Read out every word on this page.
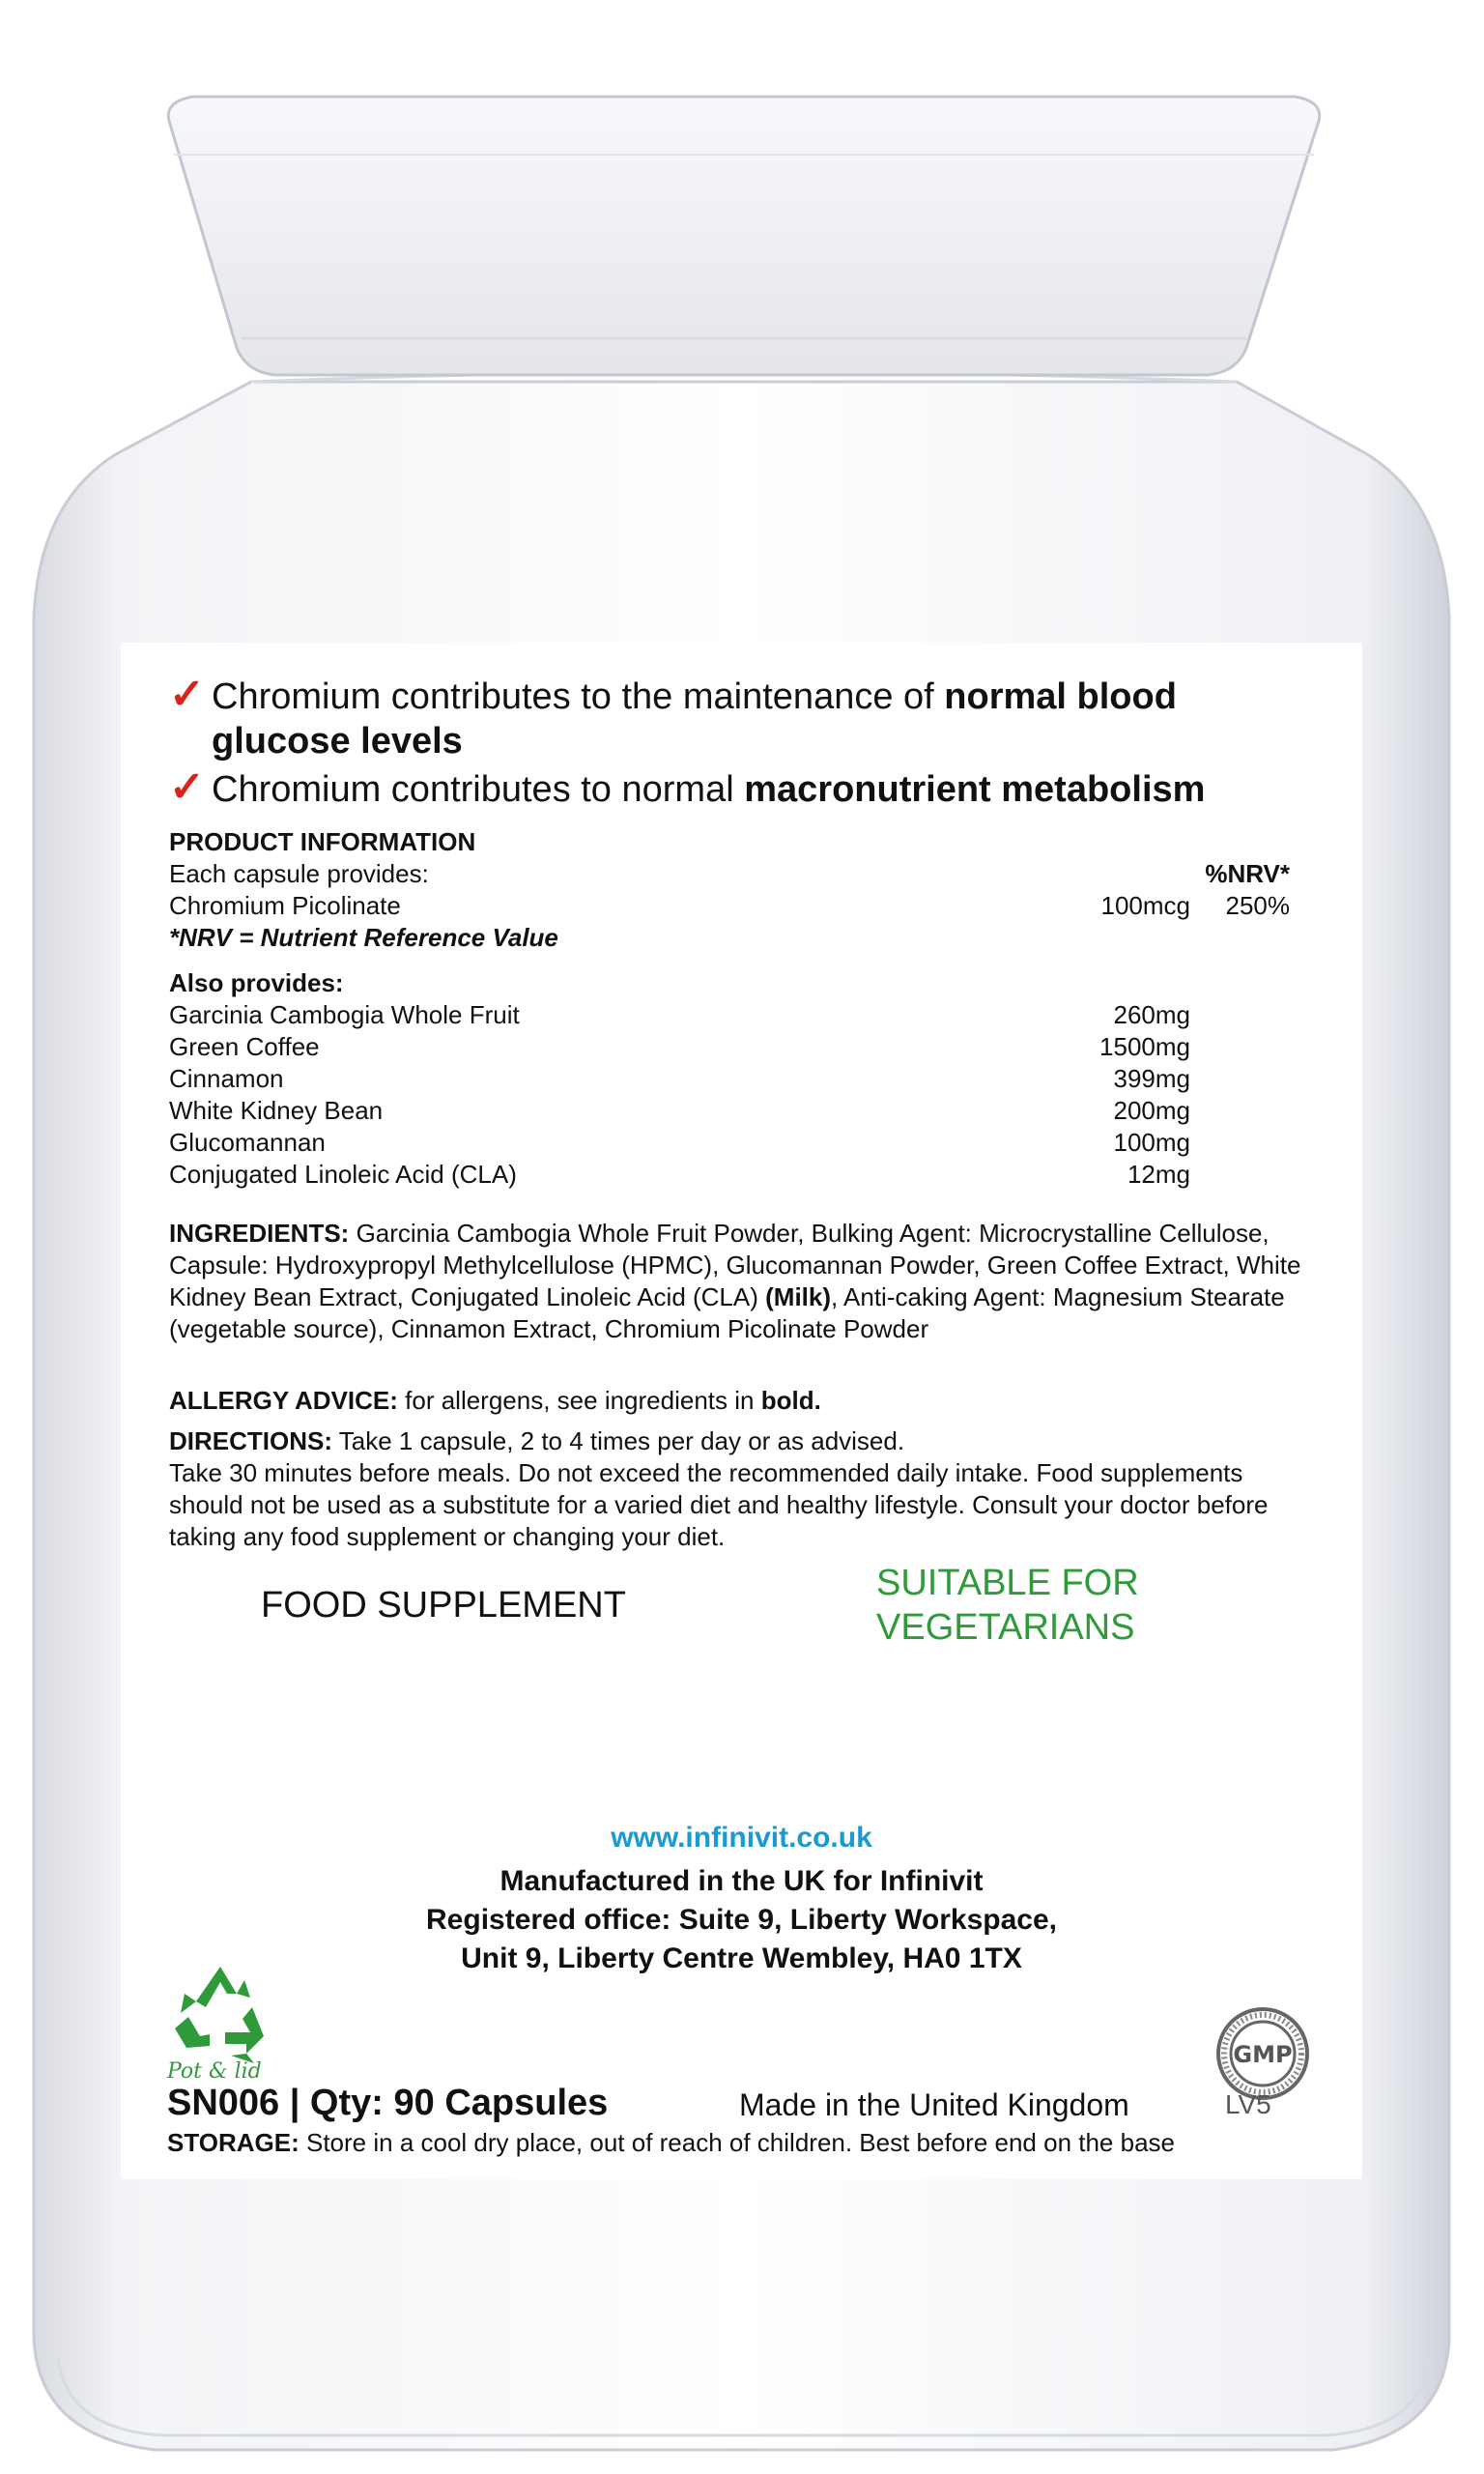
✓ Chromium contributes to the maintenance of normal blood
glucose levels
✓ Chromium contributes to normal macronutrient metabolism
PRODUCT INFORMATION
Each capsule provides:	%NRV*
Chromium Picolinate	100mcg 250%
*NRV = Nutrient Reference Value
Also provides:
Garcinia Cambogia Whole Fruit	260mg
Green Coffee	1500mg
Cinnamon	399mg
White Kidney Bean	200mg
Glucomannan	100mg
Conjugated Linoleic Acid (CLA)	12mg
INGREDIENTS: Garcinia Cambogia Whole Fruit Powder, Bulking Agent: Microcrystalline Cellulose, Capsule: Hydroxypropyl Methylcellulose (HPMC), Glucomannan Powder, Green Coffee Extract, White Kidney Bean Extract, Conjugated Linoleic Acid (CLA) (Milk), Anti-caking Agent: Magnesium Stearate (vegetable source), Cinnamon Extract, Chromium Picolinate Powder
ALLERGY ADVICE: for allergens, see ingredients in bold.
DIRECTIONS: Take 1 capsule, 2 to 4 times per day or as advised.
Take 30 minutes before meals. Do not exceed the recommended daily intake. Food supplements should not be used as a substitute for a varied diet and healthy lifestyle. Consult your doctor before taking any food supplement or changing your diet.
FOOD SUPPLEMENT
SUITABLE FOR
VEGETARIANS
www.infinivit.co.uk
Manufactured in the UK for Infinivit
Registered office: Suite 9, Liberty Workspace,
Unit 9, Liberty Centre Wembley, HA0 1TX
Pot & lid
GMP
SN006 | Qty: 90 Capsules	Made in the United Kingdom	LV5
STORAGE: Store in a cool dry place, out of reach of children. Best before end on the base
